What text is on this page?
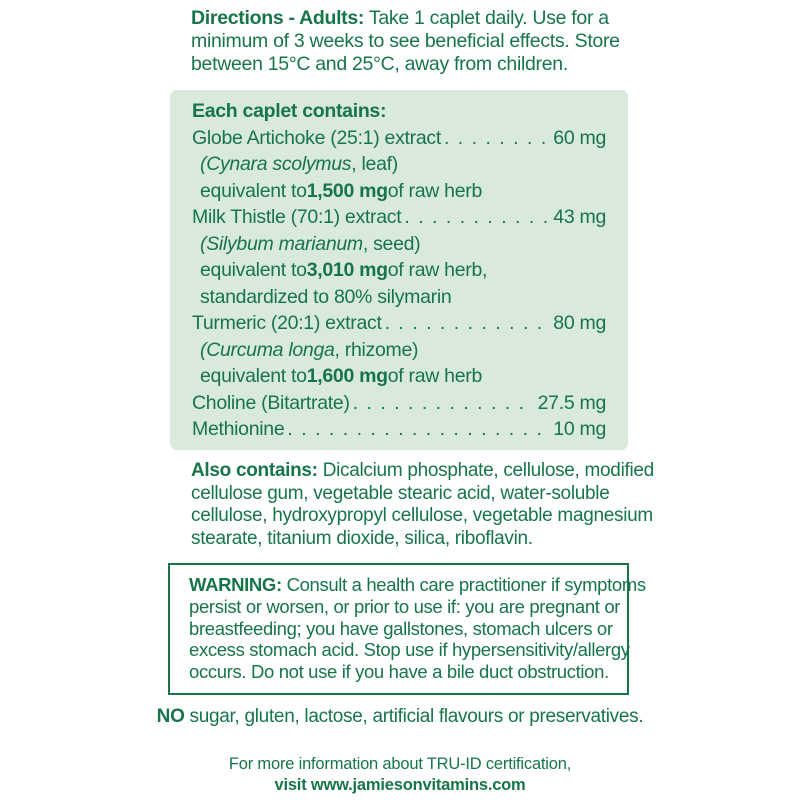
Directions - Adults: Take 1 caplet daily. Use for a
minimum of 3 weeks to see beneficial effects. Store
between 15°C and 25°C, away from children.
Each caplet contains:
Globe Artichoke (25:1) extract . . .	60 mg
(Cynara scolymus , leaf)
equivalent to 1,500 mg of raw herb
Milk Thistle (70:1) extract . . .	43 mg
(Silybum marianum , seed)
equivalent to 3,010 mg of raw herb,
standardized to 80% silymarin
Turmeric (20:1) extract . . .	80 mg
(Curcuma longa , rhizome)
equivalent to 1,600 mg of raw herb
Choline (Bitartrate) . . .	27.5 mg
Methionine . . .	10 mg
Also contains: Dicalcium phosphate, cellulose, modified
cellulose gum, vegetable stearic acid, water-soluble
cellulose, hydroxypropyl cellulose, vegetable magnesium
stearate, titanium dioxide, silica, riboflavin.
WARNING: Consult a health care practitioner if symptoms
persist or worsen, or prior to use if: you are pregnant or
breastfeeding; you have gallstones, stomach ulcers or
excess stomach acid. Stop use if hypersensitivity/allergy
occurs. Do not use if you have a bile duct obstruction.
NO sugar, gluten, lactose, artificial flavours or preservatives.
For more information about TRU-ID certification,
visit www.jamiesonvitamins.com
